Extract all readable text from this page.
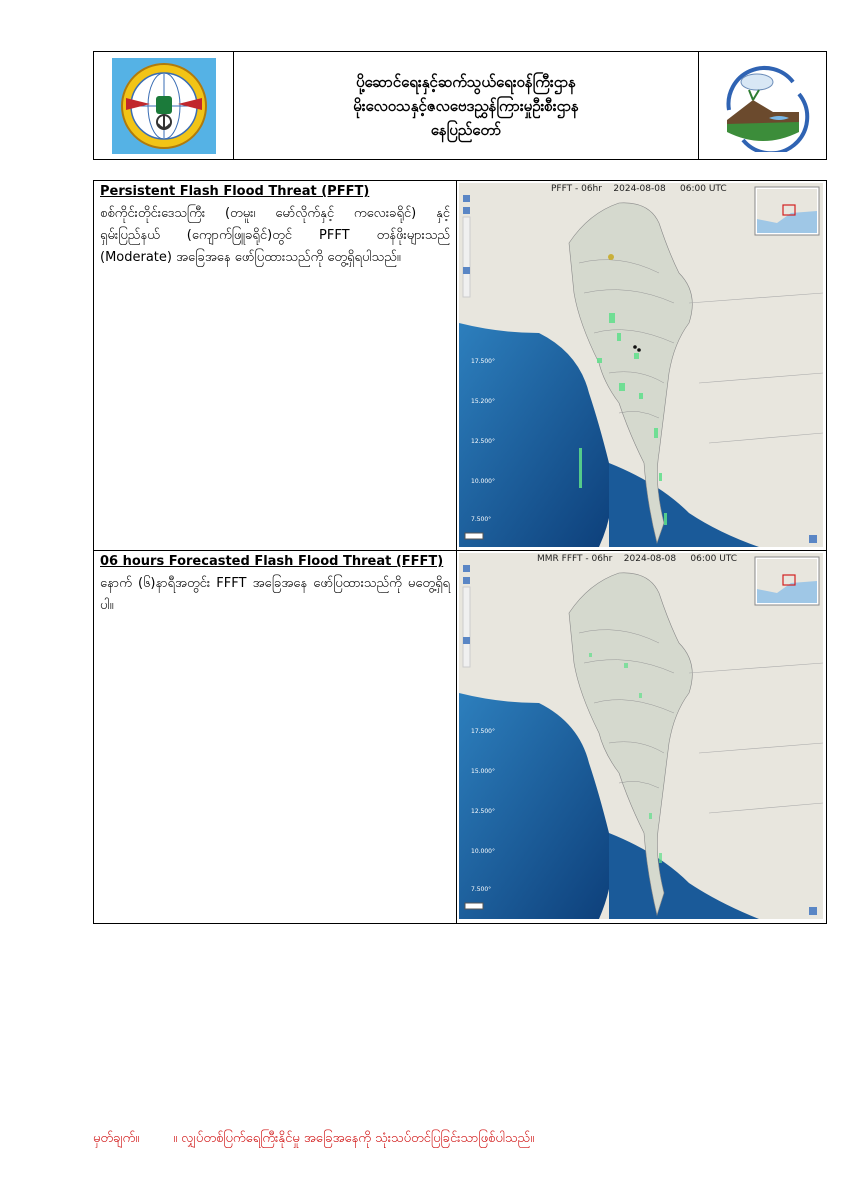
ပို့ဆောင်ရေးနှင့်ဆက်သွယ်ရေးဝန်ကြီးဌာန
မိုးလေဝသနှင့်ဇလဗေဒညွှန်ကြားမှုဦးစီးဌာန
နေပြည်တော်
Persistent Flash Flood Threat (PFFT)
စစ်ကိုင်းတိုင်းဒေသကြီး (တမူး၊ မော်လိုက်နှင့် ကလေးခရိုင်) နှင့် ရှမ်းပြည်နယ် (ကျောက်ဖြူခရိုင်)တွင် PFFT တန်ဖိုးများသည် (Moderate) အခြေအနေ ဖော်ပြထားသည်ကို တွေ့ရှိရပါသည်။
PFFT - 06hr 2024-08-08 06:00 UTC
17.500°
15.200°
12.500°
10.000°
7.500°
06 hours Forecasted Flash Flood Threat (FFFT)
နောက် (၆)နာရီအတွင်း FFFT အခြေအနေ ဖော်ပြထားသည်ကို မတွေ့ရှိရပါ။
MMR FFFT - 06hr 2024-08-08 06:00 UTC
17.500°
15.000°
12.500°
10.000°
7.500°
မှတ်ချက်။	။ လျှပ်တစ်ပြက်ရေကြီးနိုင်မှု အခြေအနေကို သုံးသပ်တင်ပြခြင်းသာဖြစ်ပါသည်။
